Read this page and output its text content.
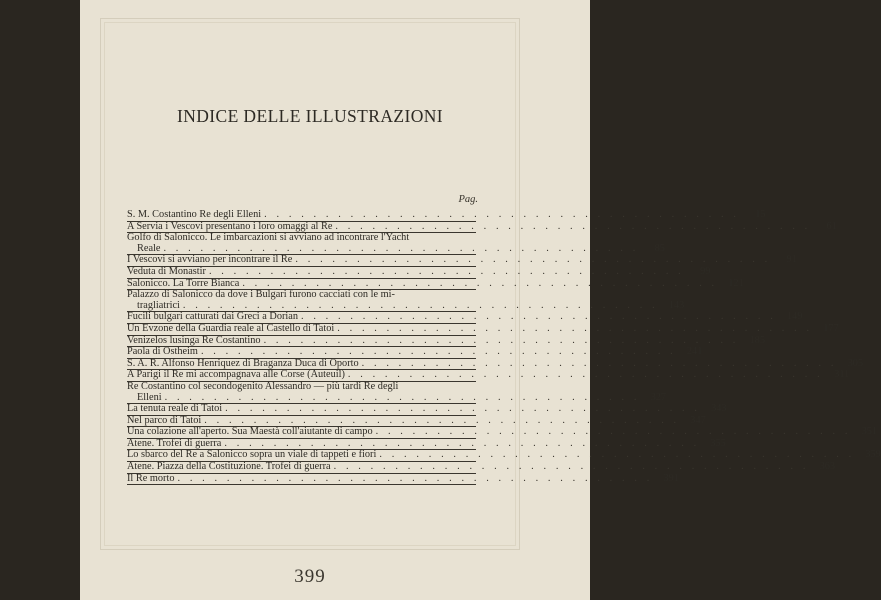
INDICE DELLE ILLUSTRAZIONI
Pag.
S. M. Costantino Re degli Elleni . . . . . . . . . . . . . . . . . . . . . . . . . . . . . . . . . . . . . . .	15
A Servia i Vescovi presentano i loro omaggi al Re . . . . . . . . . . . . . . . . . . . . . . . . . . . . . . . . . . . . . . .	61
Golfo di Salonicco. Le imbarcazioni si avviano ad incontrare l'Yacht
Reale . . . . . . . . . . . . . . . . . . . . . . . . . . . . . . . . . . . . . . .	85
I Vescovi si avviano per incontrare il Re . . . . . . . . . . . . . . . . . . . . . . . . . . . . . . . . . . . . . . .	91
Veduta di Monastir . . . . . . . . . . . . . . . . . . . . . . . . . . . . . . . . . . . . . . .	99
Salonicco. La Torre Bianca . . . . . . . . . . . . . . . . . . . . . . . . . . . . . . . . . . . . . . .	121
Palazzo di Salonicco da dove i Bulgari furono cacciati con le mi-
tragliatrici . . . . . . . . . . . . . . . . . . . . . . . . . . . . . . . . . . . . . . .	143
Fucili bulgari catturati dai Greci a Dorian . . . . . . . . . . . . . . . . . . . . . . . . . . . . . . . . . . . . . . .	149
Un Evzone della Guardia reale al Castello di Tatoi . . . . . . . . . . . . . . . . . . . . . . . . . . . . . . . . . . . . . . .	177
Venizelos lusinga Re Costantino . . . . . . . . . . . . . . . . . . . . . . . . . . . . . . . . . . . . . . .	185
Paola di Ostheim . . . . . . . . . . . . . . . . . . . . . . . . . . . . . . . . . . . . . . .	241
S. A. R. Alfonso Henriquez di Braganza Duca di Oporto . . . . . . . . . . . . . . . . . . . . . . . . . . . . . . . . . . . . . . .	305
A Parigi il Re mi accompagnava alle Corse (Auteuil) . . . . . . . . . . . . . . . . . . . . . . . . . . . . . . . . . . . . . . .	311
Re Costantino col secondogenito Alessandro — più tardi Re degli
Elleni . . . . . . . . . . . . . . . . . . . . . . . . . . . . . . . . . . . . . . .	327
La tenuta reale di Tatoi . . . . . . . . . . . . . . . . . . . . . . . . . . . . . . . . . . . . . . .	343
Nel parco di Tatoi . . . . . . . . . . . . . . . . . . . . . . . . . . . . . . . . . . . . . . .	347
Una colazione all'aperto. Sua Maestà coll'aiutante di campo . . . . . . . . . . . . . . . . . . . . . . . . . . . . . . . . . . . . . . .	351
Atene. Trofei di guerra . . . . . . . . . . . . . . . . . . . . . . . . . . . . . . . . . . . . . . .	355
Lo sbarco del Re a Salonicco sopra un viale di tappeti e fiori . . . . . . . . . . . . . . . . . . . . . . . . . . . . . . . . . . . . . . .	359
Atene. Piazza della Costituzione. Trofei di guerra . . . . . . . . . . . . . . . . . . . . . . . . . . . . . . . . . . . . . . .	363
Il Re morto . . . . . . . . . . . . . . . . . . . . . . . . . . . . . . . . . . . . . . .	391
399
